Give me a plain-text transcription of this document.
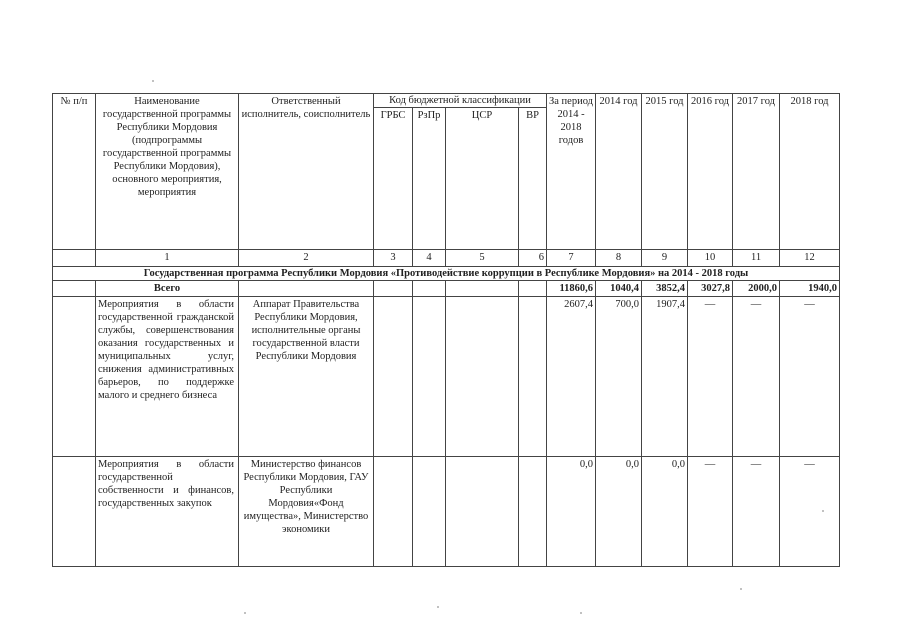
№ п/п	Наименование государственной программы Республики Мордовия (подпрограммы государственной программы Республики Мордовия), основного мероприятия, мероприятия	Ответственный исполнитель, соисполнитель	Код бюджетной классификации				За период 2014 - 2018 годов	2014 год	2015 год	2016 год	2017 год	2018 год
			ГРБС	РзПр	ЦСР	ВР						
	1	2	3	4	5	6	7	8	9	10	11	12
Государственная программа Республики Мордовия «Противодействие коррупции в Республике Мордовия» на 2014 - 2018 годы												
	Всего						11860,6	1040,4	3852,4	3027,8	2000,0	1940,0
	Мероприятия в области государственной гражданской службы, совершенствования оказания государственных и муниципальных услуг, снижения административных барьеров, по поддержке малого и среднего бизнеса	Аппарат Правительства Республики Мордовия, исполнительные органы государственной власти Республики Мордовия					2607,4	700,0	1907,4	—	—	—
	Мероприятия в области государственной собственности и финансов, государственных закупок	Министерство финансов Республики Мордовия, ГАУ Республики Мордовия«Фонд имущества», Министерство экономики					0,0	0,0	0,0	—	—	—
